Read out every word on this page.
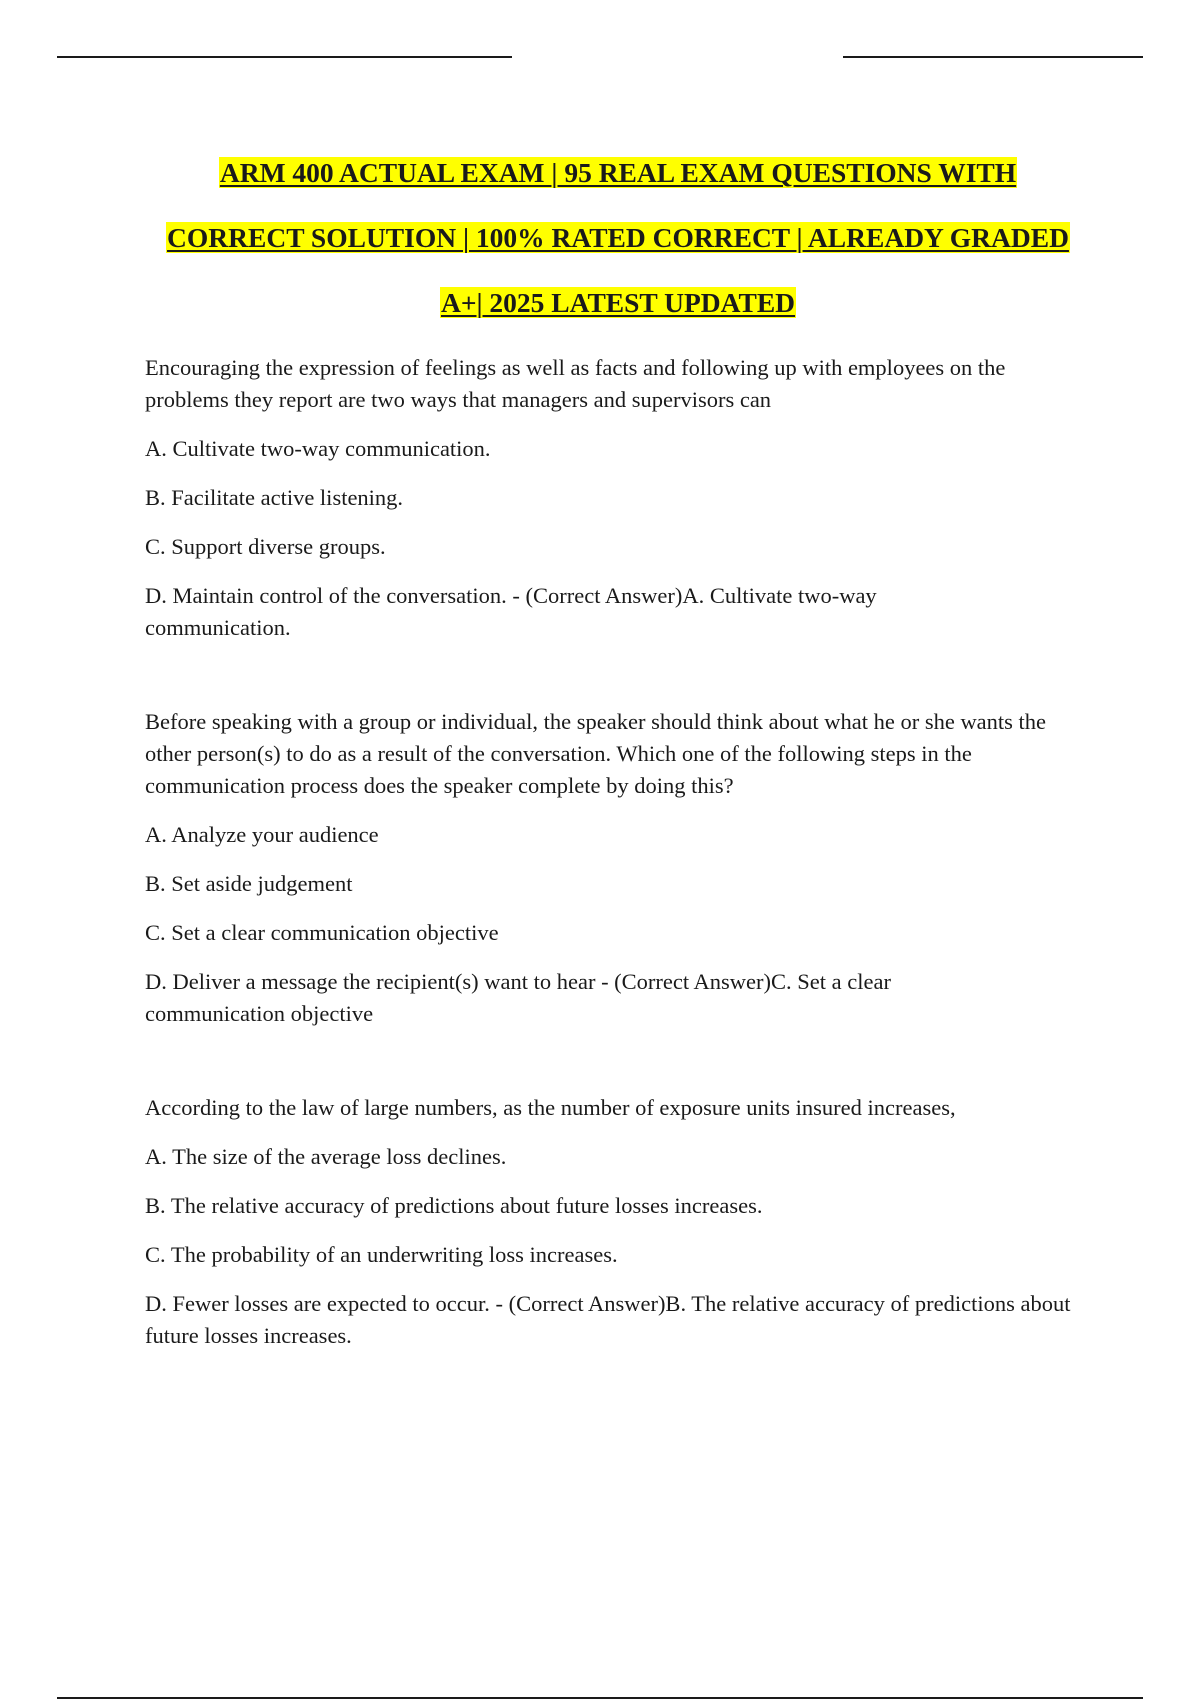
ARM 400 ACTUAL EXAM | 95 REAL EXAM QUESTIONS WITH
CORRECT SOLUTION | 100% RATED CORRECT | ALREADY GRADED
A+| 2025 LATEST UPDATED

Encouraging the expression of feelings as well as facts and following up with employees on the problems they report are two ways that managers and supervisors can

A. Cultivate two-way communication.

B. Facilitate active listening.

C. Support diverse groups.

D. Maintain control of the conversation. - (Correct Answer)A. Cultivate two-way communication.

Before speaking with a group or individual, the speaker should think about what he or she wants the other person(s) to do as a result of the conversation. Which one of the following steps in the communication process does the speaker complete by doing this?

A. Analyze your audience

B. Set aside judgement

C. Set a clear communication objective

D. Deliver a message the recipient(s) want to hear - (Correct Answer)C. Set a clear communication objective

According to the law of large numbers, as the number of exposure units insured increases,

A. The size of the average loss declines.

B. The relative accuracy of predictions about future losses increases.

C. The probability of an underwriting loss increases.

D. Fewer losses are expected to occur. - (Correct Answer)B. The relative accuracy of predictions about future losses increases.
